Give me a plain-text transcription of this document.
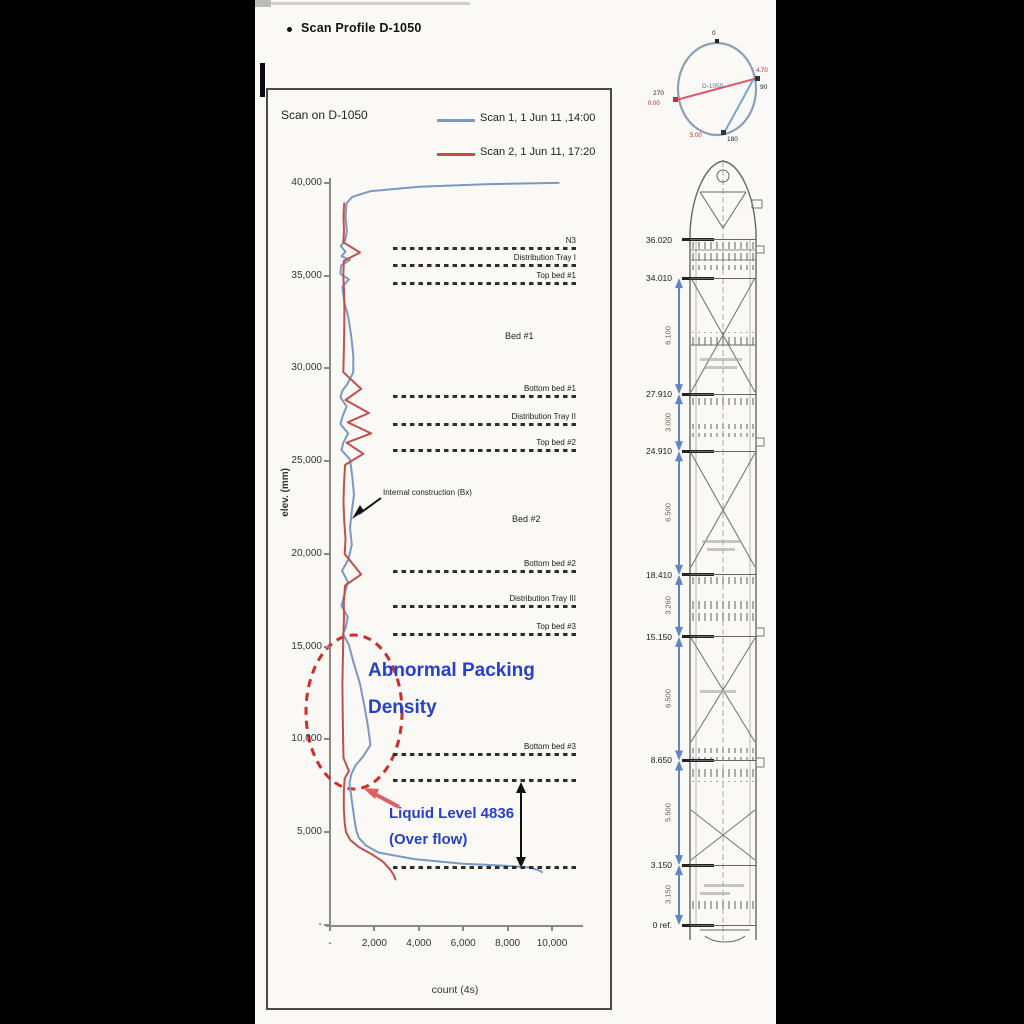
Scan Profile D-1050
Scan on D-1050	Scan 1, 1 Jun 11 ,14:00
Scan 2, 1 Jun 11, 17:20
elev. (mm)
count (4s)
Abnormal Packing
Density
Liquid Level 4836
(Over flow)
Internal construction (Bx)
Bed #1
Bed #2
0
90
180
270
D-1050
0.00
4.70
5.00
40,000
35,000
30,000
25,000
20,000
15,000
10,000
5,000
-
-	2,000	4,000	6,000	8,000	10,000
N3
Distribution Tray I
Top bed #1
Bottom bed #1
Distribution Tray II
Top bed #2
Bottom bed #2
Distribution Tray III
Top bed #3
Bottom bed #3
36.020
34.010
27.910
24.910
18.410
15.150
8.650
3.150
0 ref.
6.100
3.000
6.500
3.260
6.500
5.500
3.150
